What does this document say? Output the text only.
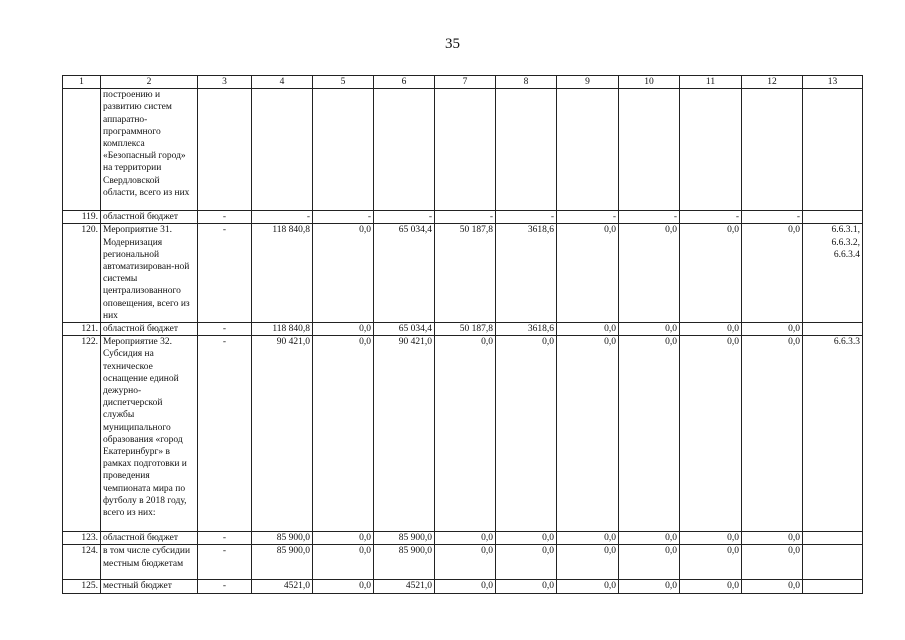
35
1	2	3	4	5	6	7	8	9	10	11	12	13
	построению и развитию систем аппаратно-программного комплекса «Безопасный город» на территории Свердловской области, всего из них											
119.	областной бюджет	-	-	-	-	-	-	-	-	-	-	
120.	Мероприятие 31. Модернизация региональной автоматизирован-ной системы централизованного оповещения, всего из них	-	118 840,8	0,0	65 034,4	50 187,8	3618,6	0,0	0,0	0,0	0,0	6.6.3.1, 6.6.3.2, 6.6.3.4
121.	областной бюджет	-	118 840,8	0,0	65 034,4	50 187,8	3618,6	0,0	0,0	0,0	0,0	
122.	Мероприятие 32. Субсидия на техническое оснащение единой дежурно-диспетчерской службы муниципального образования «город Екатеринбург» в рамках подготовки и проведения чемпионата мира по футболу в 2018 году, всего из них:	-	90 421,0	0,0	90 421,0	0,0	0,0	0,0	0,0	0,0	0,0	6.6.3.3
123.	областной бюджет	-	85 900,0	0,0	85 900,0	0,0	0,0	0,0	0,0	0,0	0,0	
124.	в том числе субсидии местным бюджетам	-	85 900,0	0,0	85 900,0	0,0	0,0	0,0	0,0	0,0	0,0	
125.	местный бюджет	-	4521,0	0,0	4521,0	0,0	0,0	0,0	0,0	0,0	0,0	
